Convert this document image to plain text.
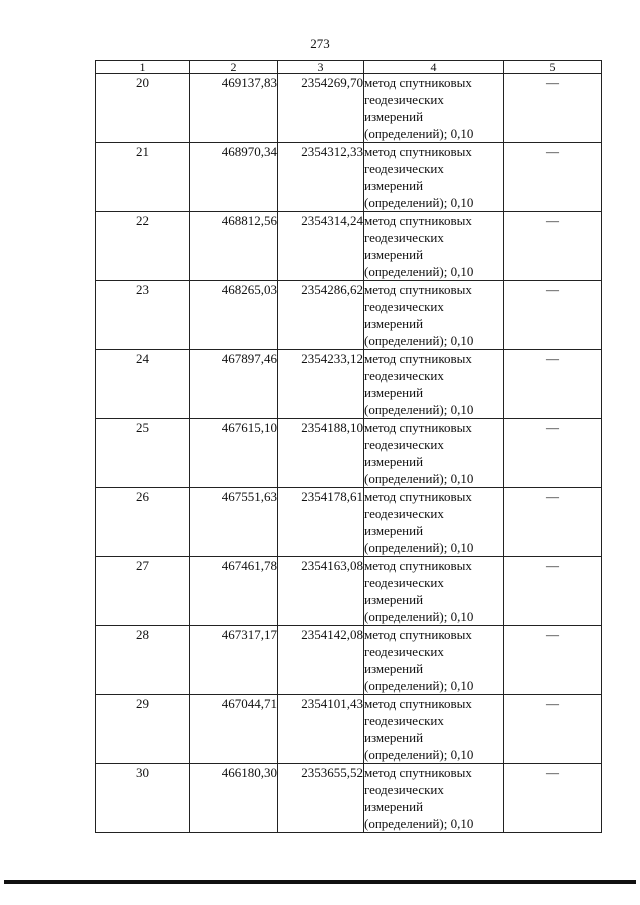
273
1	2	3	4	5
20	469137,83	2354269,70	метод спутниковых
геодезических
измерений
(определений); 0,10	—
21	468970,34	2354312,33	метод спутниковых
геодезических
измерений
(определений); 0,10	—
22	468812,56	2354314,24	метод спутниковых
геодезических
измерений
(определений); 0,10	—
23	468265,03	2354286,62	метод спутниковых
геодезических
измерений
(определений); 0,10	—
24	467897,46	2354233,12	метод спутниковых
геодезических
измерений
(определений); 0,10	—
25	467615,10	2354188,10	метод спутниковых
геодезических
измерений
(определений); 0,10	—
26	467551,63	2354178,61	метод спутниковых
геодезических
измерений
(определений); 0,10	—
27	467461,78	2354163,08	метод спутниковых
геодезических
измерений
(определений); 0,10	—
28	467317,17	2354142,08	метод спутниковых
геодезических
измерений
(определений); 0,10	—
29	467044,71	2354101,43	метод спутниковых
геодезических
измерений
(определений); 0,10	—
30	466180,30	2353655,52	метод спутниковых
геодезических
измерений
(определений); 0,10	—
